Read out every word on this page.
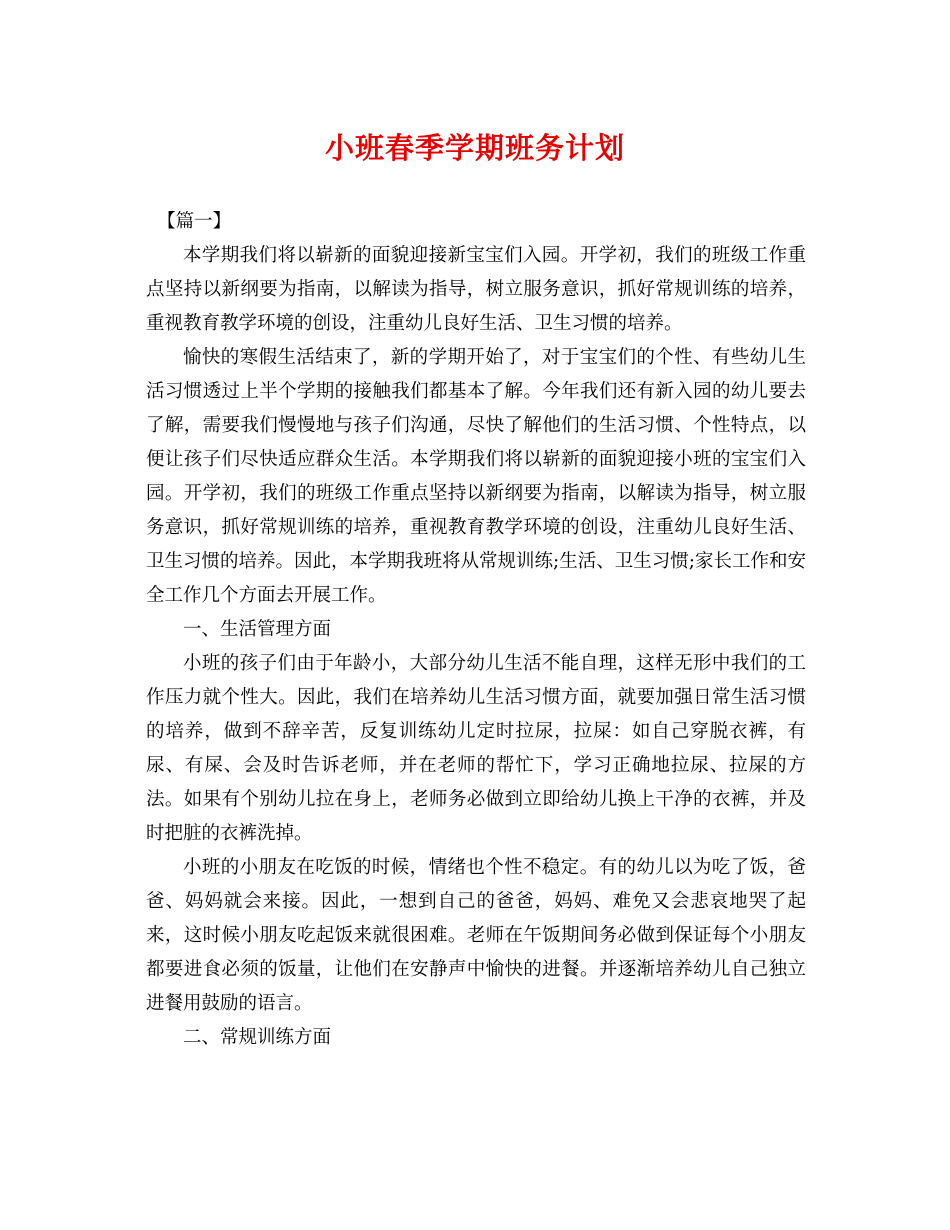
小班春季学期班务计划

【篇一】

本学期我们将以崭新的面貌迎接新宝宝们入园。开学初，我们的班级工作重点坚持以新纲要为指南，以解读为指导，树立服务意识，抓好常规训练的培养，重视教育教学环境的创设，注重幼儿良好生活、卫生习惯的培养。

愉快的寒假生活结束了，新的学期开始了，对于宝宝们的个性、有些幼儿生活习惯透过上半个学期的接触我们都基本了解。今年我们还有新入园的幼儿要去了解，需要我们慢慢地与孩子们沟通，尽快了解他们的生活习惯、个性特点，以便让孩子们尽快适应群众生活。本学期我们将以崭新的面貌迎接小班的宝宝们入园。开学初，我们的班级工作重点坚持以新纲要为指南，以解读为指导，树立服务意识，抓好常规训练的培养，重视教育教学环境的创设，注重幼儿良好生活、卫生习惯的培养。因此，本学期我班将从常规训练;生活、卫生习惯;家长工作和安全工作几个方面去开展工作。

一、生活管理方面

小班的孩子们由于年龄小，大部分幼儿生活不能自理，这样无形中我们的工作压力就个性大。因此，我们在培养幼儿生活习惯方面，就要加强日常生活习惯的培养，做到不辞辛苦，反复训练幼儿定时拉尿，拉屎：如自己穿脱衣裤，有尿、有屎、会及时告诉老师，并在老师的帮忙下，学习正确地拉尿、拉屎的方法。如果有个别幼儿拉在身上，老师务必做到立即给幼儿换上干净的衣裤，并及时把脏的衣裤洗掉。

小班的小朋友在吃饭的时候，情绪也个性不稳定。有的幼儿以为吃了饭，爸爸、妈妈就会来接。因此，一想到自己的爸爸，妈妈、难免又会悲哀地哭了起来，这时候小朋友吃起饭来就很困难。老师在午饭期间务必做到保证每个小朋友都要进食必须的饭量，让他们在安静声中愉快的进餐。并逐渐培养幼儿自己独立进餐用鼓励的语言。

二、常规训练方面
